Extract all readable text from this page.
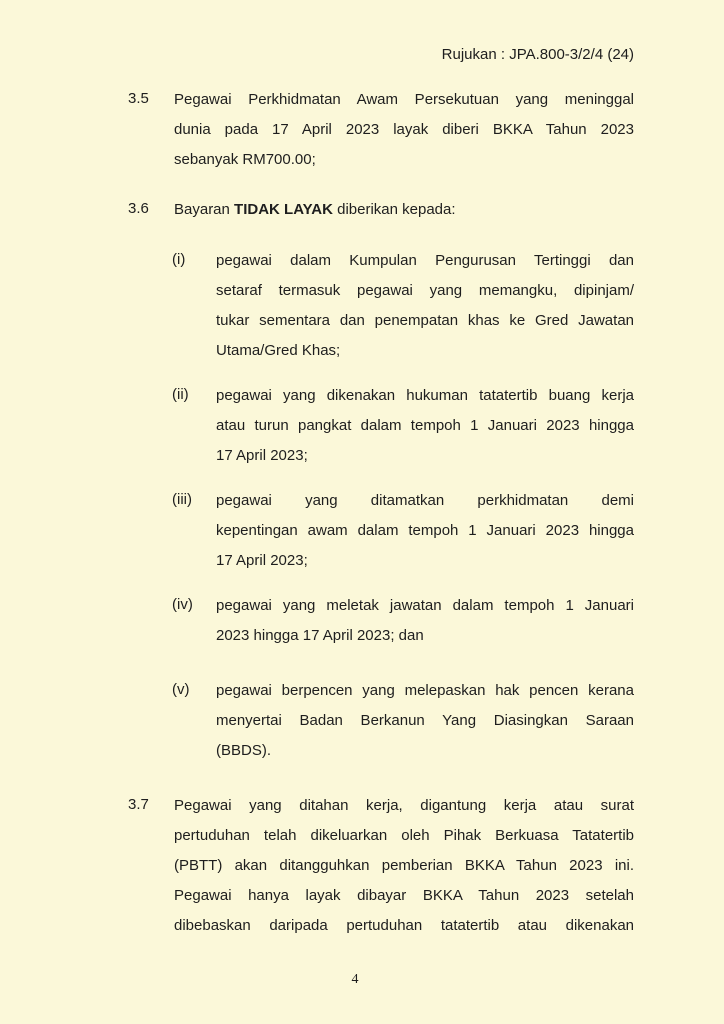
Rujukan : JPA.800-3/2/4 (24)
3.5 Pegawai Perkhidmatan Awam Persekutuan yang meninggal
dunia pada 17 April 2023 layak diberi BKKA Tahun 2023
sebanyak RM700.00;
3.6 Bayaran TIDAK LAYAK diberikan kepada:
(i) pegawai dalam Kumpulan Pengurusan Tertinggi dan
setaraf termasuk pegawai yang memangku, dipinjam/
tukar sementara dan penempatan khas ke Gred Jawatan
Utama/Gred Khas;
(ii) pegawai yang dikenakan hukuman tatatertib buang kerja
atau turun pangkat dalam tempoh 1 Januari 2023 hingga
17 April 2023;
(iii) pegawai yang ditamatkan perkhidmatan demi
kepentingan awam dalam tempoh 1 Januari 2023 hingga
17 April 2023;
(iv) pegawai yang meletak jawatan dalam tempoh 1 Januari
2023 hingga 17 April 2023; dan
(v) pegawai berpencen yang melepaskan hak pencen kerana
menyertai Badan Berkanun Yang Diasingkan Saraan
(BBDS).
3.7 Pegawai yang ditahan kerja, digantung kerja atau surat
pertuduhan telah dikeluarkan oleh Pihak Berkuasa Tatatertib
(PBTT) akan ditangguhkan pemberian BKKA Tahun 2023 ini.
Pegawai hanya layak dibayar BKKA Tahun 2023 setelah
dibebaskan daripada pertuduhan tatatertib atau dikenakan
4
